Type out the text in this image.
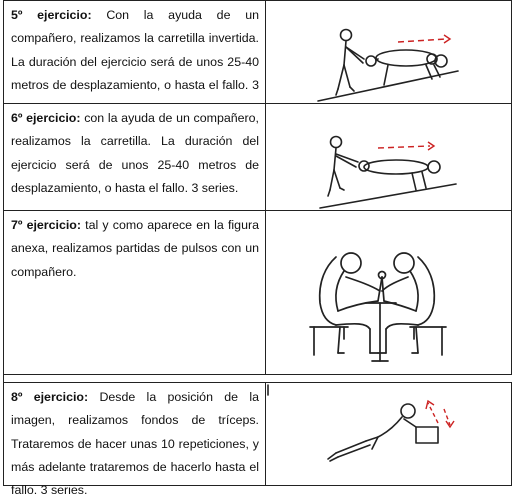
5º ejercicio: Con la ayuda de un compañero, realizamos la carretilla invertida. La duración del ejercicio será de unos 25-40 metros de desplazamiento, o hasta el fallo. 3
6º ejercicio: con la ayuda de un compañero, realizamos la carretilla. La duración del ejercicio será de unos 25-40 metros de desplazamiento, o hasta el fallo. 3 series.
7º ejercicio: tal y como aparece en la figura anexa, realizamos partidas de pulsos con un compañero.
8º ejercicio: Desde la posición de la imagen, realizamos fondos de tríceps. Trataremos de hacer unas 10 repeticiones, y más adelante trataremos de hacerlo hasta el fallo. 3 series.
